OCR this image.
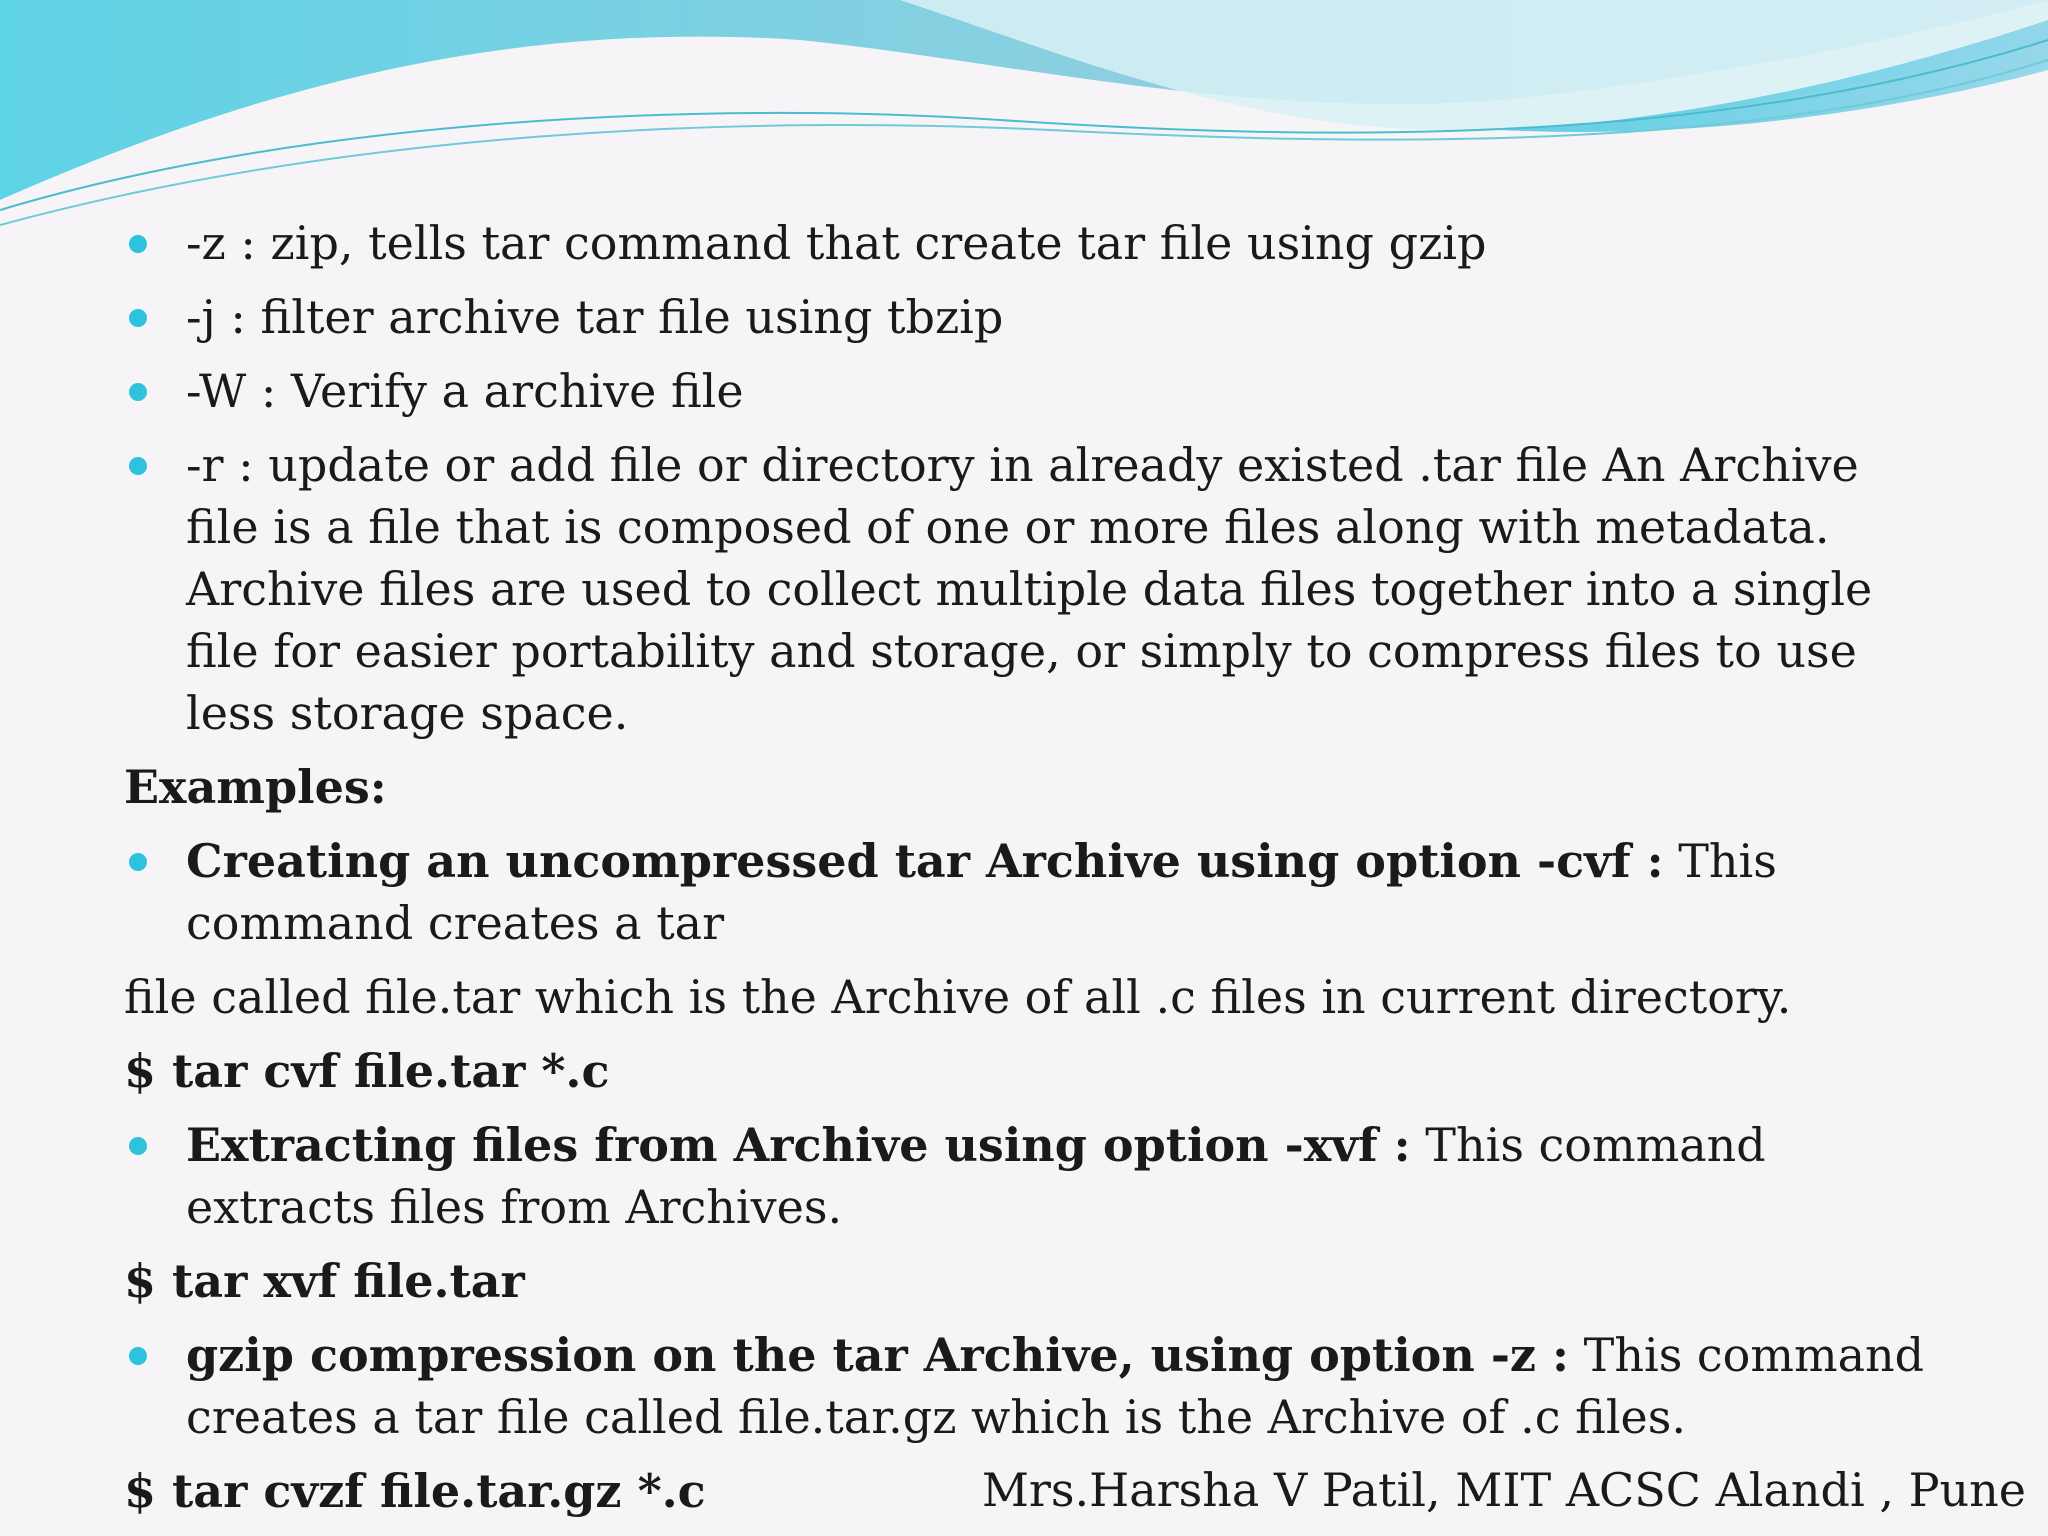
-z : zip, tells tar command that create tar file using gzip
-j : filter archive tar file using tbzip
-W : Verify a archive file
-r : update or add file or directory in already existed .tar file An Archive file is a file that is composed of one or more files along with metadata. Archive files are used to collect multiple data files together into a single file for easier portability and storage, or simply to compress files to use less storage space.
Examples:
Creating an uncompressed tar Archive using option -cvf : This command creates a tar
file called file.tar which is the Archive of all .c files in current directory.
$ tar cvf file.tar *.c
Extracting files from Archive using option -xvf : This command extracts files from Archives.
$ tar xvf file.tar
gzip compression on the tar Archive, using option -z : This command creates a tar file called file.tar.gz which is the Archive of .c files.
$ tar cvzf file.tar.gz *.c	Mrs.Harsha V Patil, MIT ACSC Alandi , Pune
